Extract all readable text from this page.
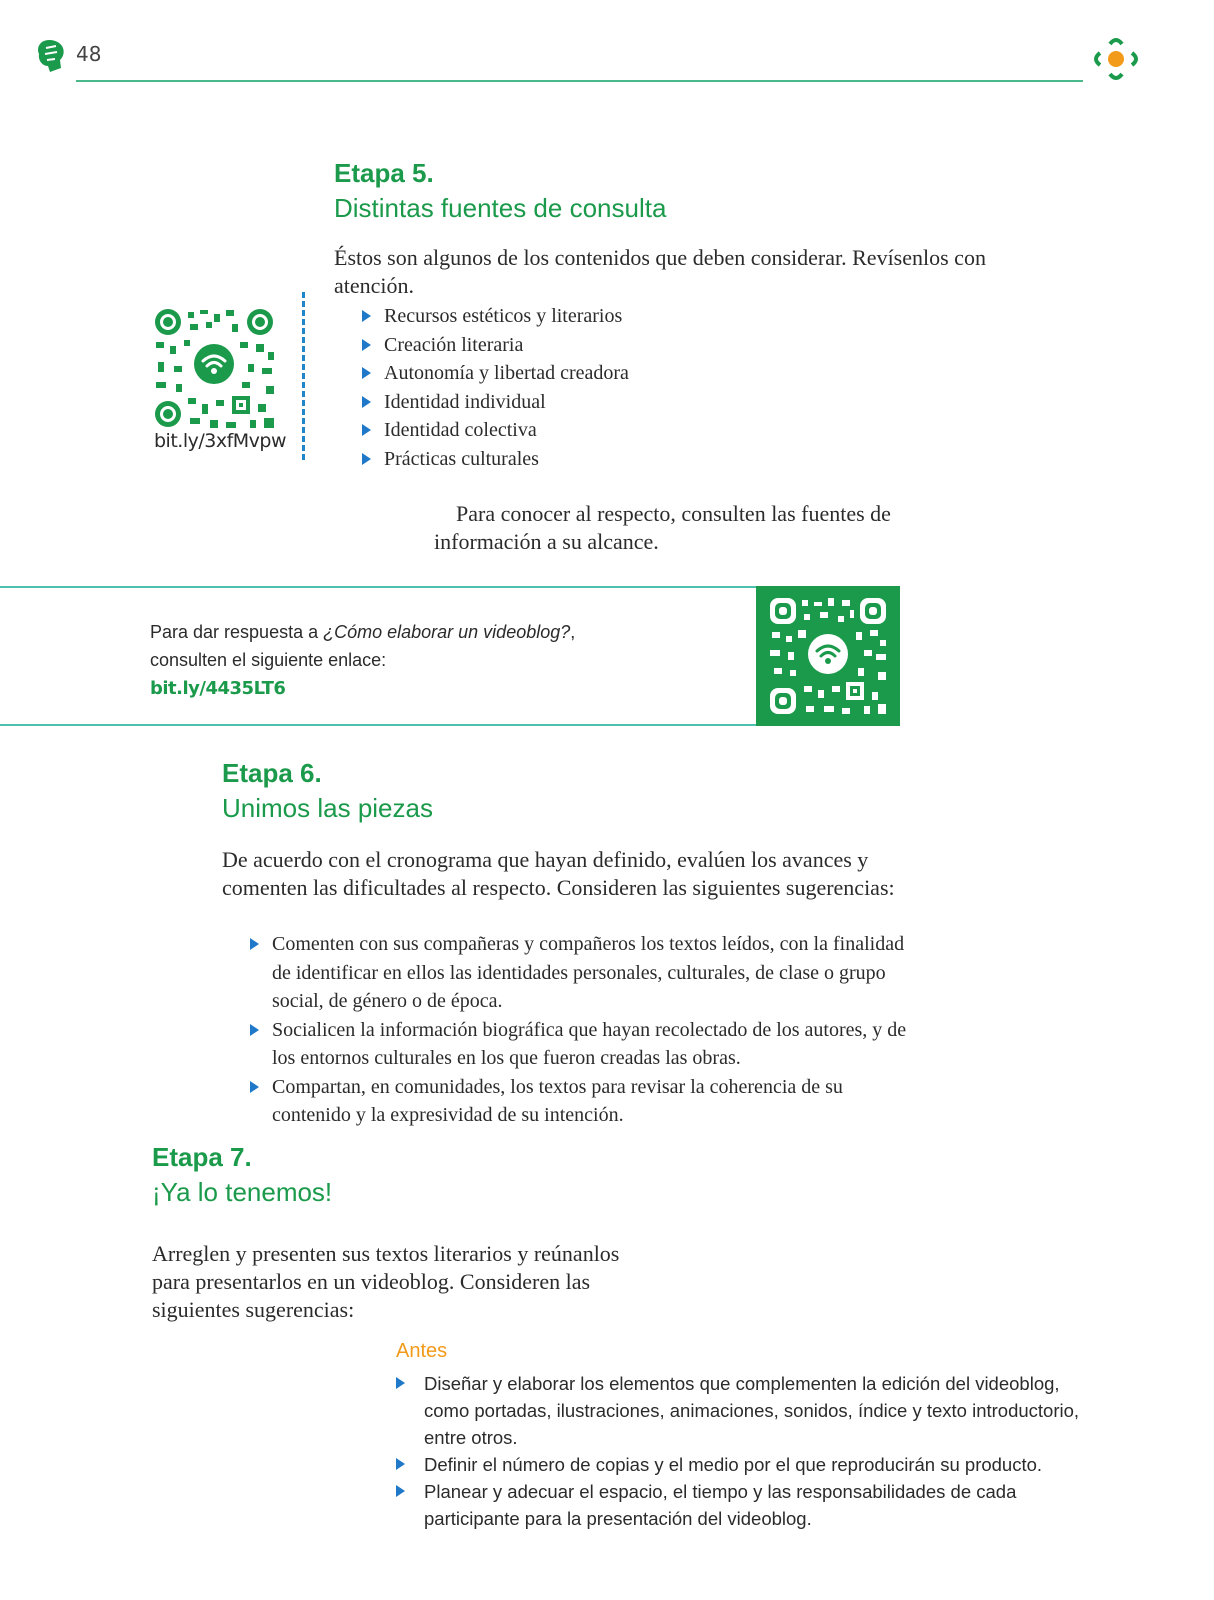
48

Etapa 5.

Distintas fuentes de consulta

Éstos son algunos de los contenidos que deben considerar. Revísenlos con atención.
Recursos estéticos y literarios
Creación literaria
Autonomía y libertad creadora
Identidad individual
Identidad colectiva
Prácticas culturales
bit.ly/3xfMvpw
Para conocer al respecto, consulten las fuentes de información a su alcance.
Para dar respuesta a ¿Cómo elaborar un videoblog?, consulten el siguiente enlace:
bit.ly/4435LT6

Etapa 6.

Unimos las piezas

De acuerdo con el cronograma que hayan definido, evalúen los avances y comenten las dificultades al respecto. Consideren las siguientes sugerencias:
Comenten con sus compañeras y compañeros los textos leídos, con la finalidad de identificar en ellos las identidades personales, culturales, de clase o grupo social, de género o de época.
Socialicen la información biográfica que hayan recolectado de los autores, y de los entornos culturales en los que fueron creadas las obras.
Compartan, en comunidades, los textos para revisar la coherencia de su contenido y la expresividad de su intención.

Etapa 7.

¡Ya lo tenemos!

Arreglen y presenten sus textos literarios y reúnanlos para presentarlos en un videoblog. Consideren las siguientes sugerencias:
Antes
Diseñar y elaborar los elementos que complementen la edición del videoblog, como portadas, ilustraciones, animaciones, sonidos, índice y texto introductorio, entre otros.
Definir el número de copias y el medio por el que reproducirán su producto.
Planear y adecuar el espacio, el tiempo y las responsabilidades de cada participante para la presentación del videoblog.
